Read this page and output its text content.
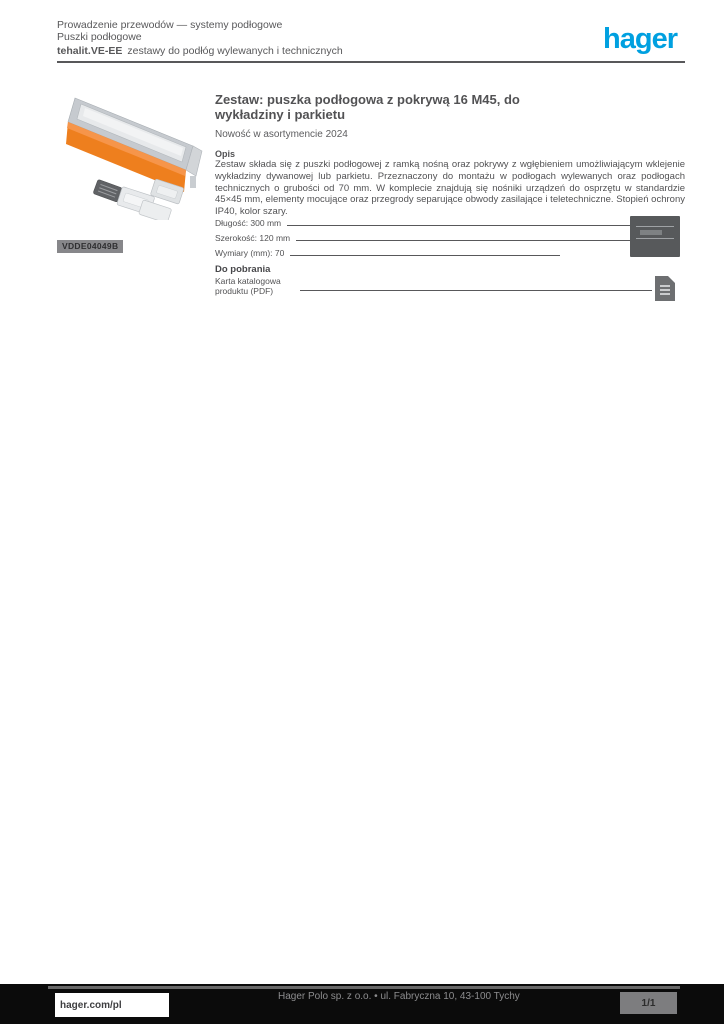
Prowadzenie przewodów — systemy podłogowe
Puszki podłogowe
tehalit.VE-EE zestawy do podłóg wylewanych i technicznych	hager
VDDE04049B
Zestaw: puszka podłogowa z pokrywą 16 M45, do wykładziny i parkietu
Nowość w asortymencie 2024
Opis
Zestaw składa się z puszki podłogowej z ramką nośną oraz pokrywy z wgłębieniem umożliwiającym wklejenie wykładziny dywanowej lub parkietu. Przeznaczony do montażu w podłogach wylewanych oraz podłogach technicznych o grubości od 70 mm. W komplecie znajdują się nośniki urządzeń do osprzętu w standardzie 45×45 mm, elementy mocujące oraz przegrody separujące obwody zasilające i teletechniczne. Stopień ochrony IP40, kolor szary.
Długość: 300 mm
Szerokość: 120 mm
Wymiary (mm): 70
Do pobrania
Karta katalogowa
produktu (PDF)
hager.com/pl
Hager Polo sp. z o.o. • ul. Fabryczna 10, 43-100 Tychy
1/1
